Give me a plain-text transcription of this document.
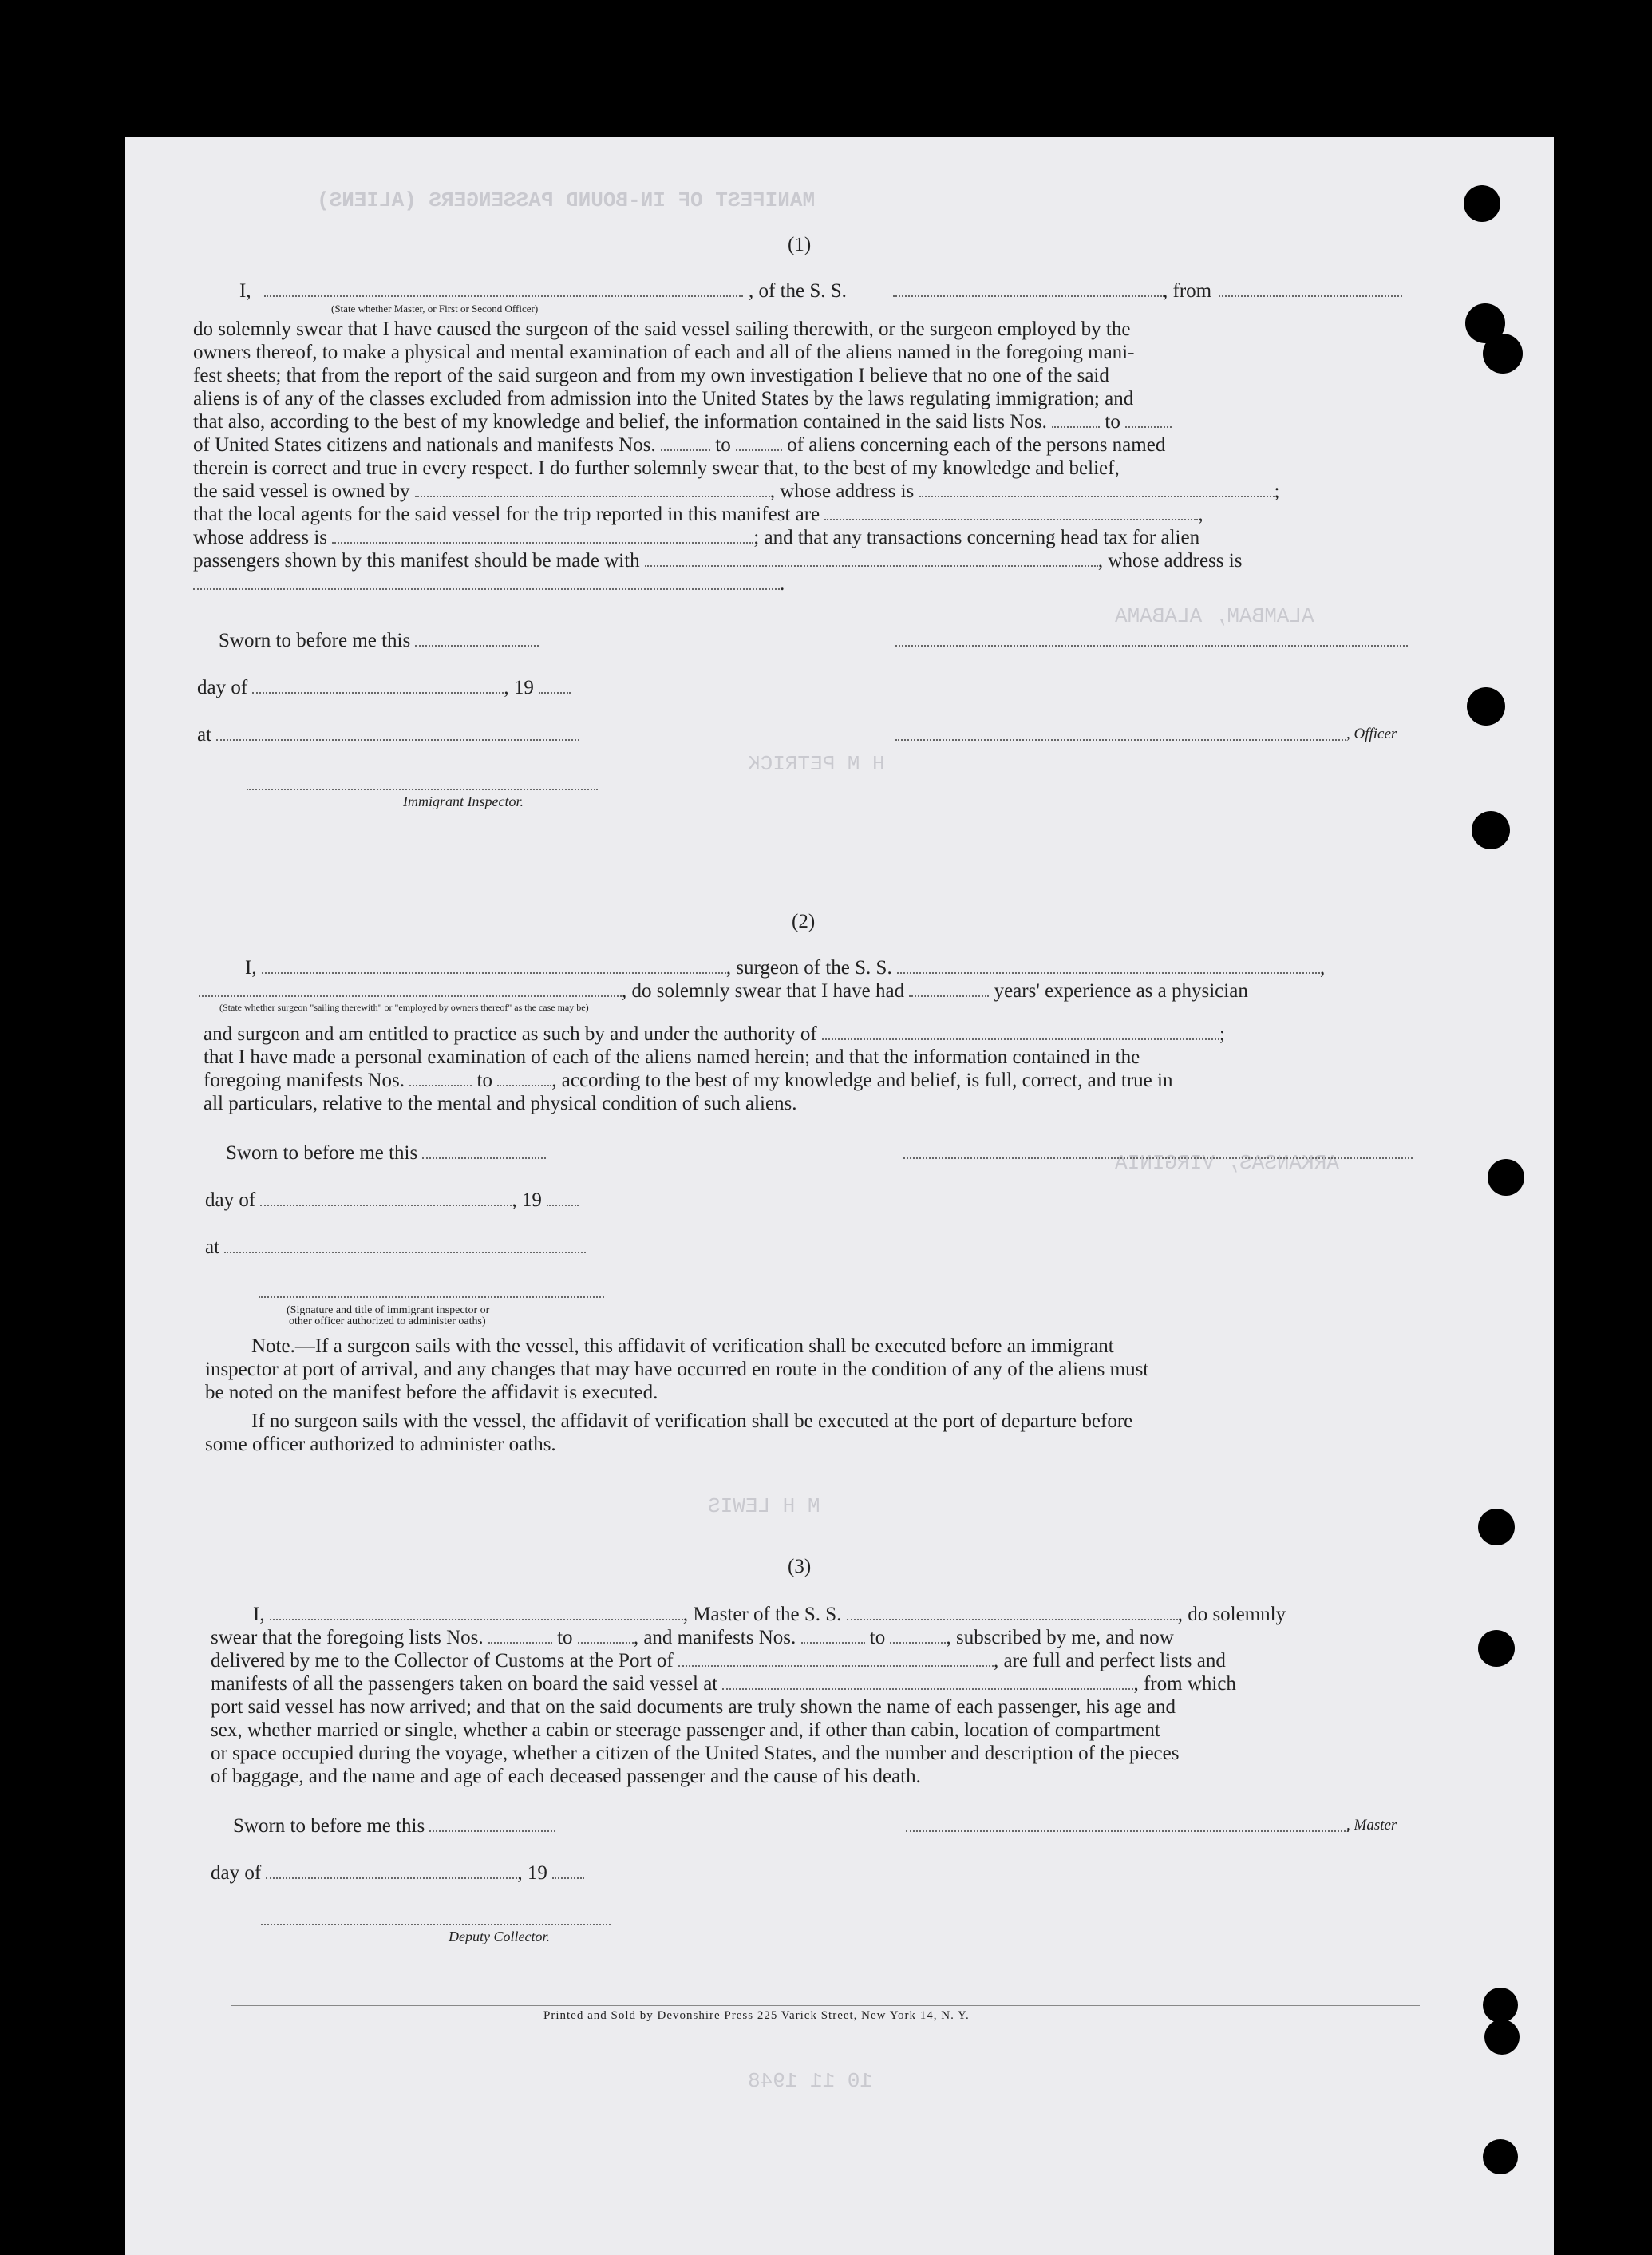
MANIFEST OF IN-BOUND PASSENGERS (ALIENS)
ALAMBAM, ALABAMA
H M PETRICK
ARKANSAS, VIRGINIA
M H LEWIS
10 11 1948
(1)
I,	, of the S. S.	, from
(State whether Master, or First or Second Officer)
do solemnly swear that I have caused the surgeon of the said vessel sailing therewith, or the surgeon employed by the
owners thereof, to make a physical and mental examination of each and all of the aliens named in the foregoing mani-
fest sheets; that from the report of the said surgeon and from my own investigation I believe that no one of the said
aliens is of any of the classes excluded from admission into the United States by the laws regulating immigration; and
that also, according to the best of my knowledge and belief, the information contained in the said lists Nos.	to
of United States citizens and nationals and manifests Nos.	to	of aliens concerning each of the persons named
therein is correct and true in every respect. I do further solemnly swear that, to the best of my knowledge and belief,
the said vessel is owned by	, whose address is	;
that the local agents for the said vessel for the trip reported in this manifest are	,
whose address is	; and that any transactions concerning head tax for alien
passengers shown by this manifest should be made with	, whose address is
.
Sworn to before me this
day of	, 19
at	, Officer
Immigrant Inspector.
(2)
I,	, surgeon of the S. S.	,
, do solemnly swear that I have had	years' experience as a physician
(State whether surgeon "sailing therewith" or "employed by owners thereof" as the case may be)
and surgeon and am entitled to practice as such by and under the authority of	;
that I have made a personal examination of each of the aliens named herein; and that the information contained in the
foregoing manifests Nos.	to	, according to the best of my knowledge and belief, is full, correct, and true in
all particulars, relative to the mental and physical condition of such aliens.
Sworn to before me this
day of	, 19
at
(Signature and title of immigrant inspector or
other officer authorized to administer oaths)
Note.—If a surgeon sails with the vessel, this affidavit of verification shall be executed before an immigrant
inspector at port of arrival, and any changes that may have occurred en route in the condition of any of the aliens must
be noted on the manifest before the affidavit is executed.
If no surgeon sails with the vessel, the affidavit of verification shall be executed at the port of departure before
some officer authorized to administer oaths.
(3)
I,	, Master of the S. S.	, do solemnly
swear that the foregoing lists Nos.	to	, and manifests Nos.	to	, subscribed by me, and now
delivered by me to the Collector of Customs at the Port of	, are full and perfect lists and
manifests of all the passengers taken on board the said vessel at	, from which
port said vessel has now arrived; and that on the said documents are truly shown the name of each passenger, his age and
sex, whether married or single, whether a cabin or steerage passenger and, if other than cabin, location of compartment
or space occupied during the voyage, whether a citizen of the United States, and the number and description of the pieces
of baggage, and the name and age of each deceased passenger and the cause of his death.
Sworn to before me this	, Master
day of	, 19
Deputy Collector.
Printed and Sold by Devonshire Press 225 Varick Street, New York 14, N. Y.
